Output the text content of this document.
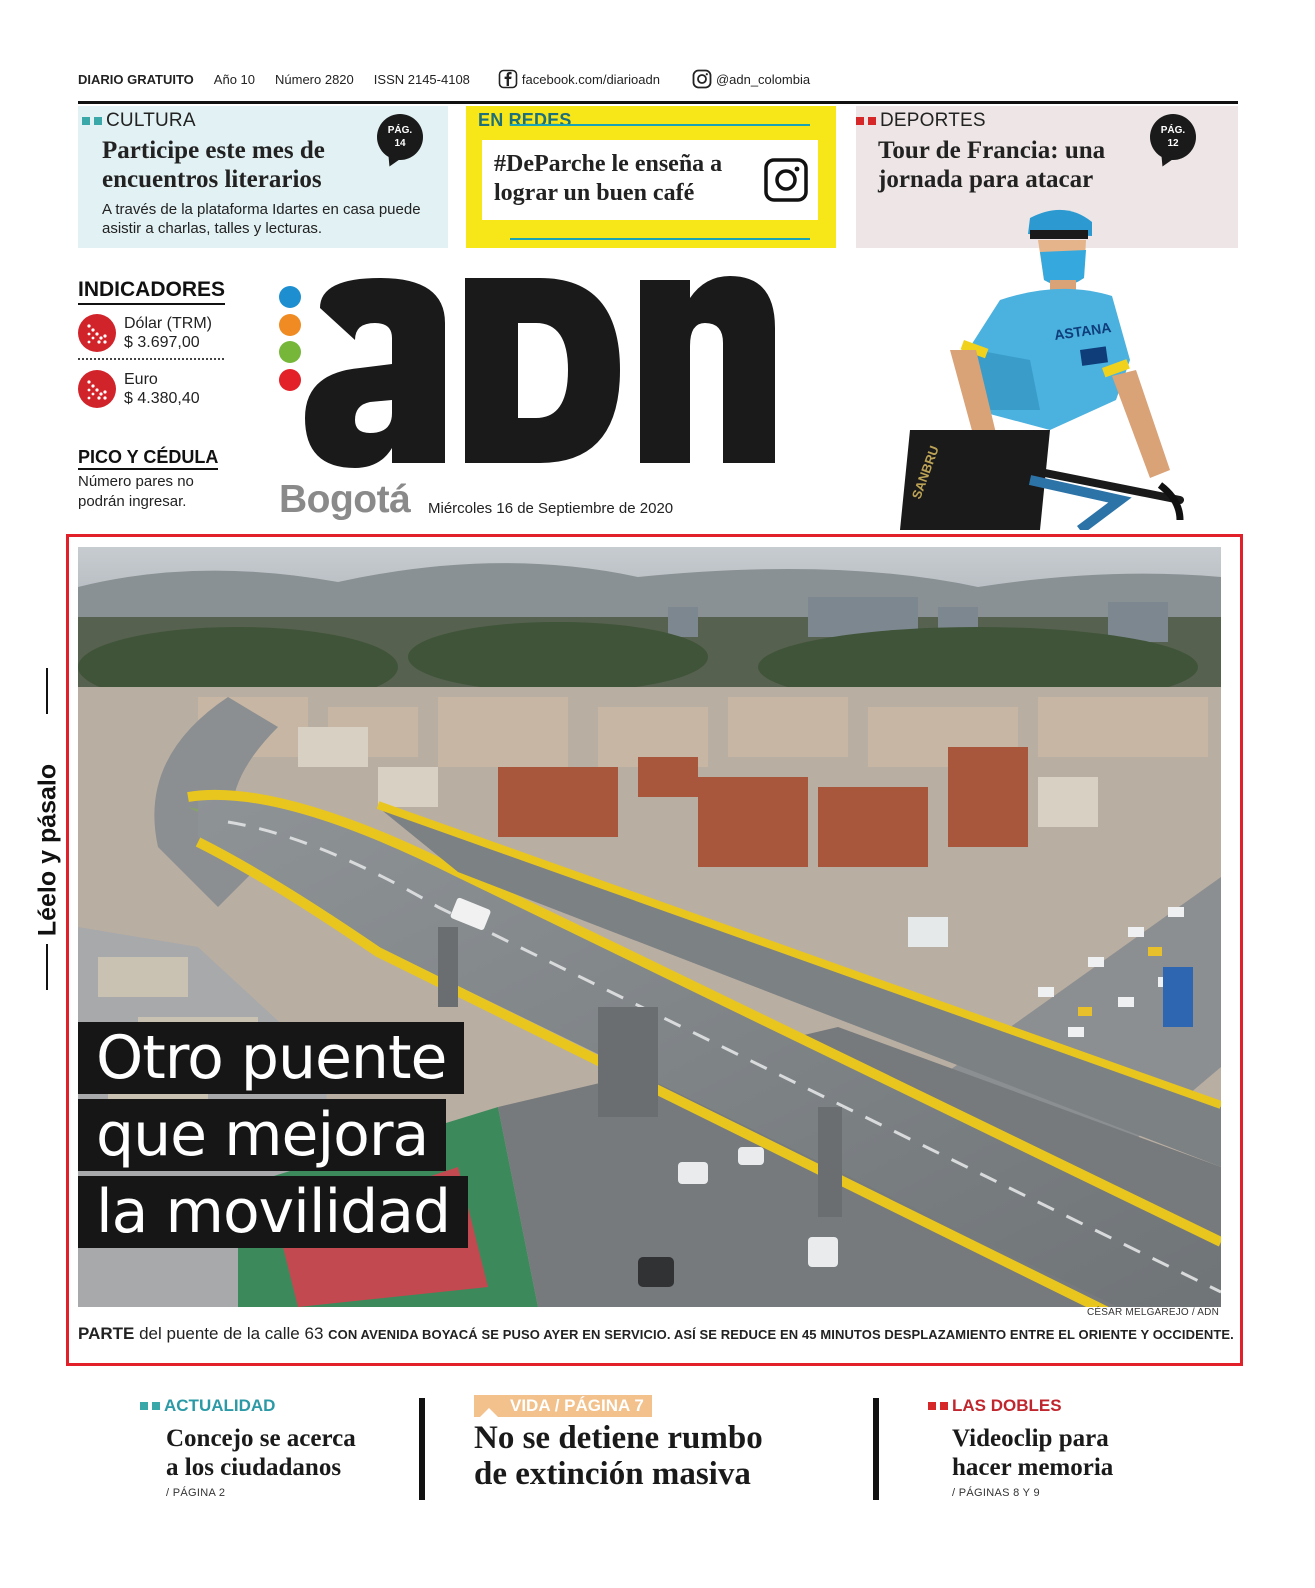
DIARIO GRATUITO Año 10 Número 2820 ISSN 2145-4108	facebook.com/diarioadn	@adn_colombia
CULTURA
Participe este mes de encuentros literarios
A través de la plataforma Idartes en casa puede asistir a charlas, talles y lecturas.
PÁG.
14
EN REDES
#DeParche le enseña a lograr un buen café
DEPORTES
Tour de Francia: una jornada para atacar
PÁG.
12
ASTANA
SANBRU
INDICADORES
Dólar (TRM)
$ 3.697,00
Euro
$ 4.380,40
PICO Y CÉDULA
Número pares no podrán ingresar.	Bogotá Miércoles 16 de Septiembre de 2020
Léelo y pásalo
Otro puente
que mejora
la movilidad
CÉSAR MELGAREJO / ADN
PARTE del puente de la calle 63 CON AVENIDA BOYACÁ SE PUSO AYER EN SERVICIO. ASÍ SE REDUCE EN 45 MINUTOS DESPLAZAMIENTO ENTRE EL ORIENTE Y OCCIDENTE.
ACTUALIDAD
Concejo se acerca
a los ciudadanos
/ PÁGINA 2
VIDA / PÁGINA 7
No se detiene rumbo
de extinción masiva
LAS DOBLES
Videoclip para
hacer memoria
/ PÁGINAS 8 Y 9
